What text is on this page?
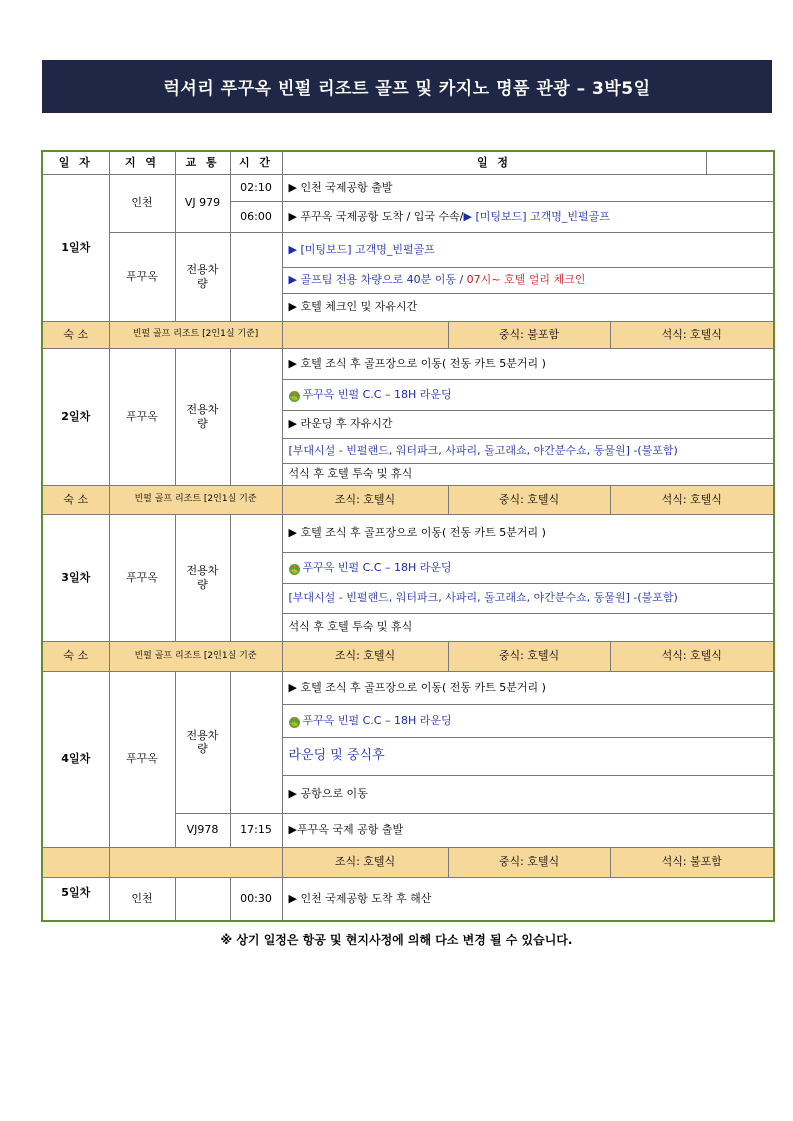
럭셔리 푸꾸옥 빈펄 리조트 골프 및 카지노 명품 관광 – 3박5일
일 자	지 역	교 통	시 간	일 정			
1일차	인천	VJ 979	02:10	▶ 인천 국제공항 출발			
			06:00	▶ 푸꾸옥 국제공항 도착 / 입국 수속/▶ [미팅보드] 고객명_빈펄골프			
	푸꾸옥	전용차량		▶ [미팅보드] 고객명_빈펄골프			
				▶ 골프팀 전용 차량으로 40분 이동 / 07시~ 호텔 얼리 체크인			
				▶ 호텔 체크인 및 자유시간			
숙 소	빈펄 골프 리조트 [2인1실 기준]				중식: 불포함	석식: 호텔식	
2일차	푸꾸옥	전용차량		▶ 호텔 조식 후 골프장으로 이동( 전동 카트 5분거리 )			
				⛳ 푸꾸옥 빈펄 C.C – 18H 라운딩			
				▶ 라운딩 후 자유시간			
				[부대시설 - 빈펄랜드, 워터파크, 사파리, 돌고래쇼, 야간분수쇼, 동물원] -(불포함)			
				석식 후 호텔 투숙 및 휴식			
숙 소	빈펄 골프 리조트 [2인1실 기준			조식: 호텔식	중식: 호텔식	석식: 호텔식	
3일차	푸꾸옥	전용차량		▶ 호텔 조식 후 골프장으로 이동( 전동 카트 5분거리 )			
				⛳ 푸꾸옥 빈펄 C.C – 18H 라운딩			
				[부대시설 - 빈펄랜드, 워터파크, 사파리, 돌고래쇼, 야간분수쇼, 동물원] -(불포함)			
				석식 후 호텔 투숙 및 휴식			
숙 소	빈펄 골프 리조트 [2인1실 기준			조식: 호텔식	중식: 호텔식	석식: 호텔식	
4일차	푸꾸옥	전용차량		▶ 호텔 조식 후 골프장으로 이동( 전동 카트 5분거리 )			
				⛳ 푸꾸옥 빈펄 C.C – 18H 라운딩			
				라운딩 및 중식후			
				▶ 공항으로 이동			
		VJ978	17:15	▶푸꾸옥 국제 공항 출발			
				조식: 호텔식	중식: 호텔식	석식: 불포함	
5일차	인천		00:30	▶ 인천 국제공항 도착 후 해산			
※ 상기 일정은 항공 및 현지사정에 의해 다소 변경 될 수 있습니다.
